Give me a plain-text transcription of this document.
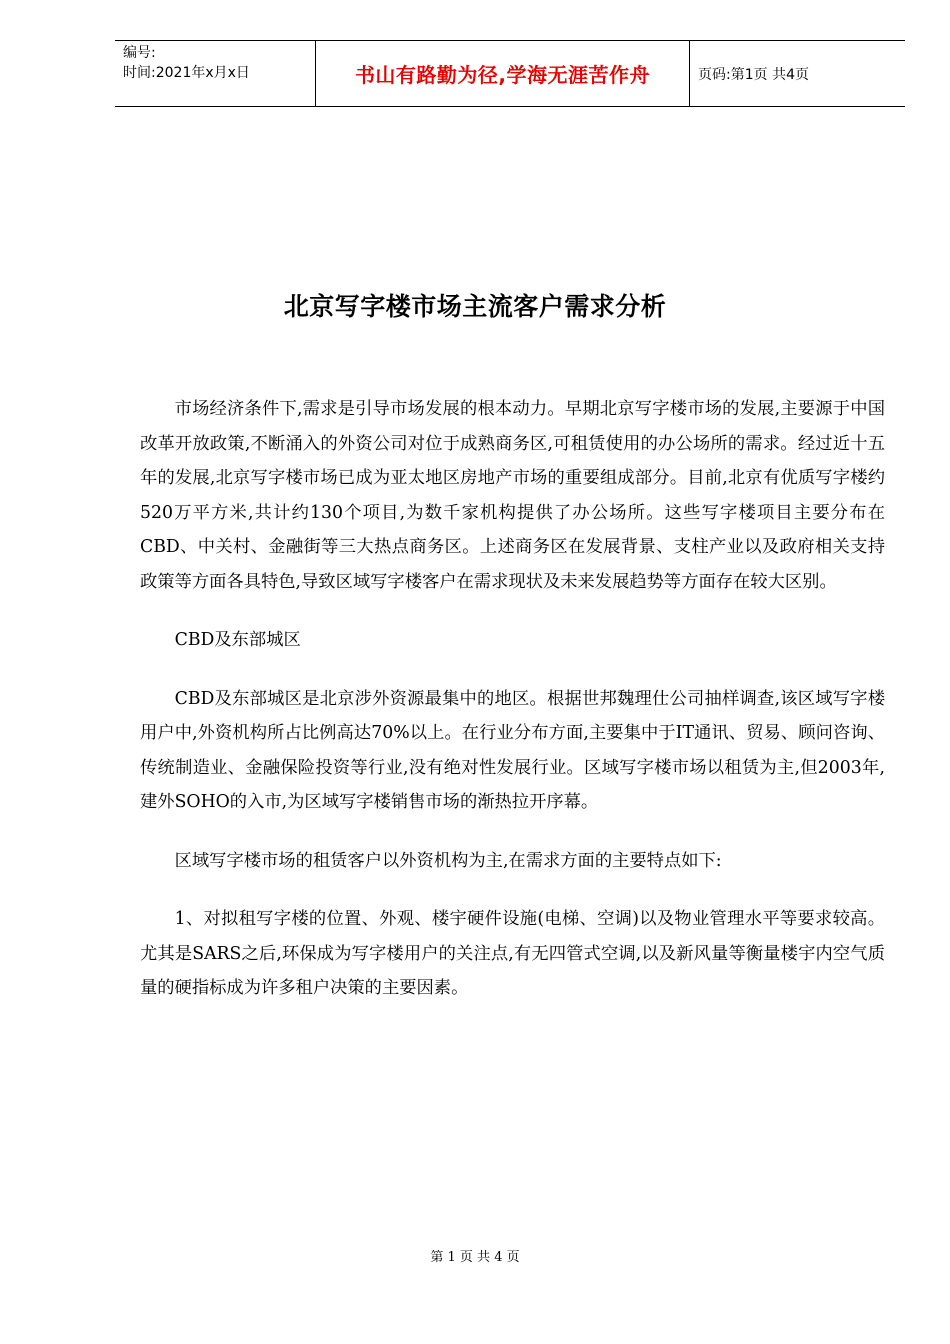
编号:
时间:2021年x月x日	书山有路勤为径,学海无涯苦作舟	页码:第1页 共4页
北京写字楼市场主流客户需求分析

市场经济条件下,需求是引导市场发展的根本动力。早期北京写字楼市场的发展,主要源于中国改革开放政策,不断涌入的外资公司对位于成熟商务区,可租赁使用的办公场所的需求。经过近十五年的发展,北京写字楼市场已成为亚太地区房地产市场的重要组成部分。目前,北京有优质写字楼约520万平方米,共计约130个项目,为数千家机构提供了办公场所。这些写字楼项目主要分布在CBD、中关村、金融街等三大热点商务区。上述商务区在发展背景、支柱产业以及政府相关支持政策等方面各具特色,导致区域写字楼客户在需求现状及未来发展趋势等方面存在较大区别。

CBD及东部城区

CBD及东部城区是北京涉外资源最集中的地区。根据世邦魏理仕公司抽样调查,该区域写字楼用户中,外资机构所占比例高达70%以上。在行业分布方面,主要集中于IT通讯、贸易、顾问咨询、传统制造业、金融保险投资等行业,没有绝对性发展行业。区域写字楼市场以租赁为主,但2003年,建外SOHO的入市,为区域写字楼销售市场的渐热拉开序幕。

区域写字楼市场的租赁客户以外资机构为主,在需求方面的主要特点如下:

1、对拟租写字楼的位置、外观、楼宇硬件设施(电梯、空调)以及物业管理水平等要求较高。尤其是SARS之后,环保成为写字楼用户的关注点,有无四管式空调,以及新风量等衡量楼宇内空气质量的硬指标成为许多租户决策的主要因素。

第 1 页 共 4 页
